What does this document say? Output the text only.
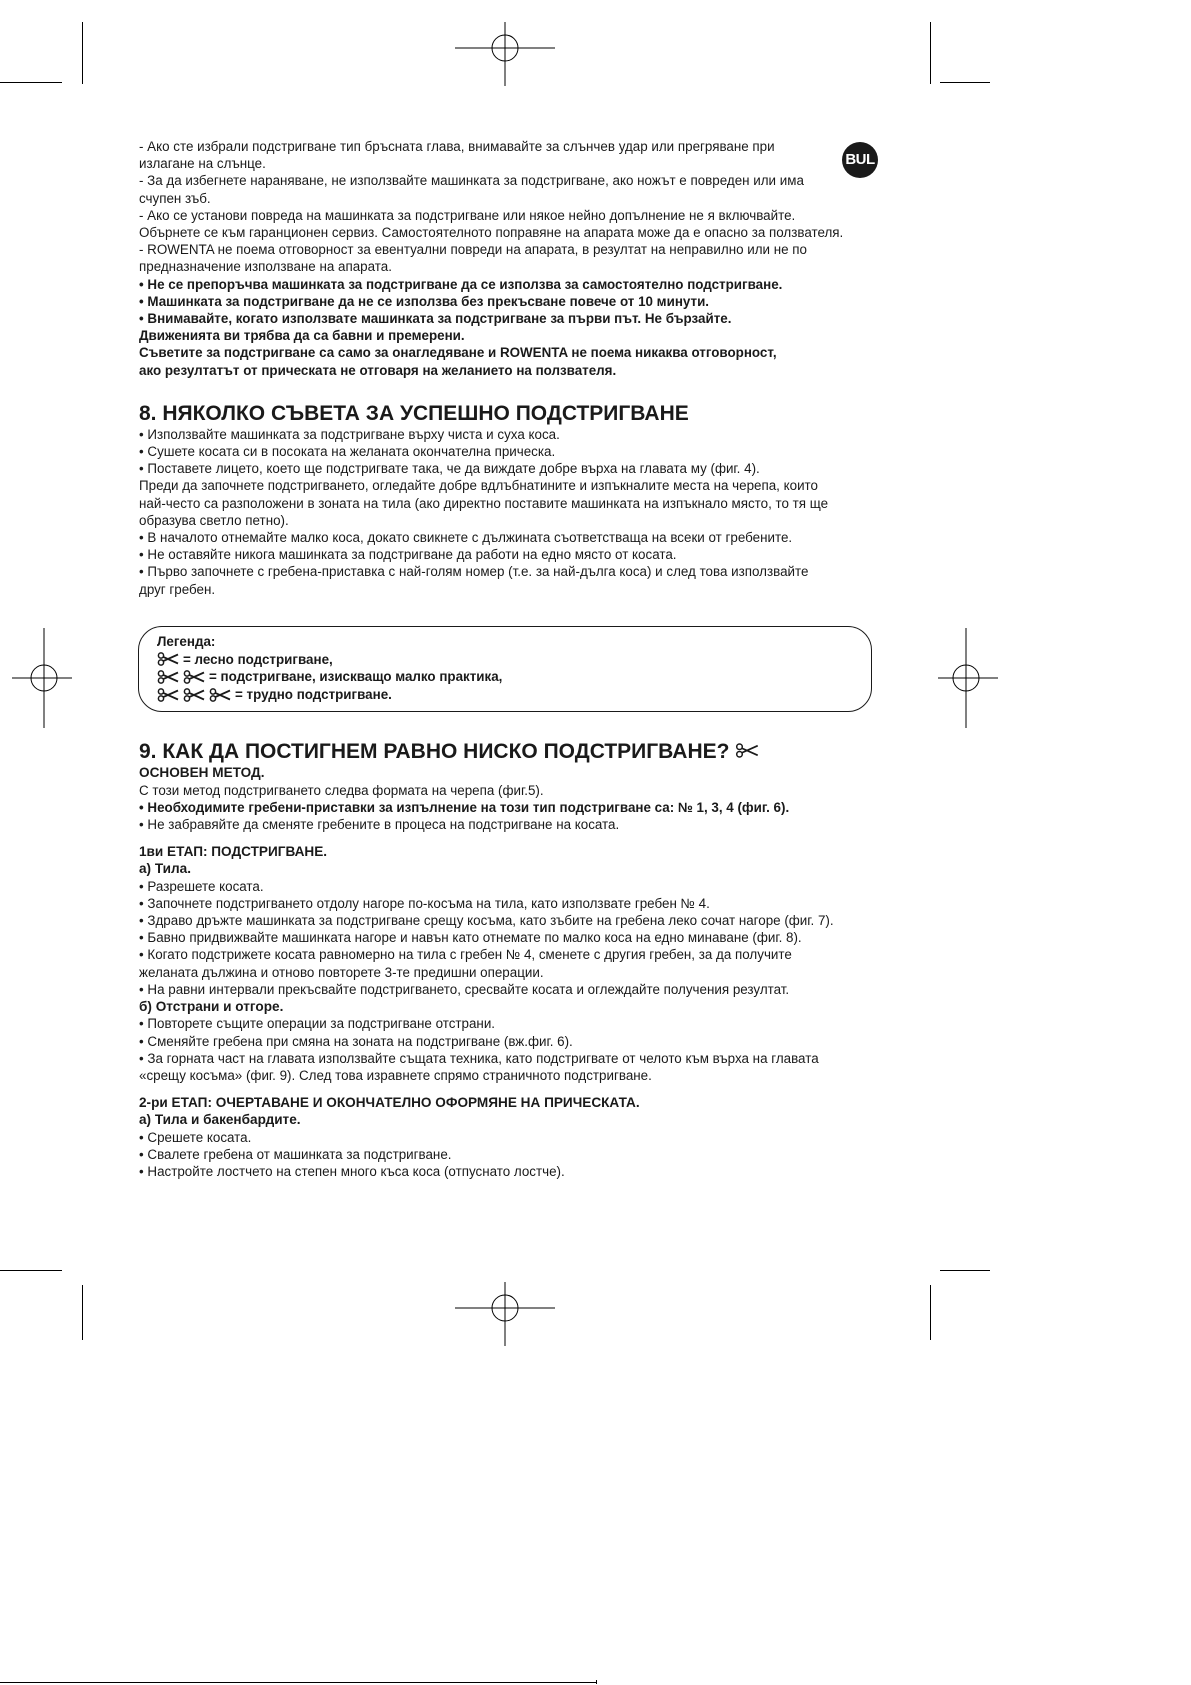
BUL

- Ако сте избрали подстригване тип бръсната глава, внимавайте за слънчев удар или прегряване при

излагане на слънце.

- За да избегнете нараняване, не използвайте машинката за подстригване, ако ножът е повреден или има

счупен зъб.

- Ако се установи повреда на машинката за подстригване или някое нейно допълнение не я включвайте.

Обърнете се към гаранционен сервиз. Самостоятелното поправяне на апарата може да е опасно за ползвателя.

- ROWENTA не поема отговорност за евентуални повреди на апарата, в резултат на неправилно или не по

предназначение използване на апарата.

• Не се препоръчва машинката за подстригване да се използва за самостоятелно подстригване.

• Машинката за подстригване да не се използва без прекъсване повече от 10 минути.

• Внимавайте, когато използвате машинката за подстригване за първи път. Не бързайте.

Движенията ви трябва да са бавни и премерени.

Съветите за подстригване са само за онагледяване и ROWENTA не поема никаква отговорност,

ако резултатът от прическата не отговаря на желанието на ползвателя.

8. НЯКОЛКО СЪВЕТА ЗА УСПЕШНО ПОДСТРИГВАНЕ

• Използвайте машинката за подстригване върху чиста и суха коса.

• Сушете косата си в посоката на желаната окончателна прическа.

• Поставете лицето, което ще подстригвате така, че да виждате добре върха на главата му (фиг. 4).

Преди да започнете подстригването, огледайте добре вдлъбнатините и изпъкналите места на черепа, които

най-често са разположени в зоната на тила (ако директно поставите машинката на изпъкнало място, то тя ще

образува светло петно).

• В началото отнемайте малко коса, докато свикнете с дължината съответстваща на всеки от гребените.

• Не оставяйте никога машинката за подстригване да работи на едно място от косата.

• Първо започнете с гребена-приставка с най-голям номер (т.е. за най-дълга коса) и след това използвайте

друг гребен.

Легенда:
= лесно подстригване,
= подстригване, изискващо малко практика,
= трудно подстригване.
9. КАК ДА ПОСТИГНЕМ РАВНО НИСКО ПОДСТРИГВАНЕ?

ОСНОВЕН МЕТОД.

С този метод подстригването следва формата на черепа (фиг.5).

• Необходимите гребени-приставки за изпълнение на този тип подстригване са: № 1, 3, 4 (фиг. 6).

• Не забравяйте да сменяте гребените в процеса на подстригване на косата.

1ви ЕТАП: ПОДСТРИГВАНЕ.

а) Тила.

• Разрешете косата.

• Започнете подстригването отдолу нагоре по-косъма на тила, като използвате гребен № 4.

• Здраво дръжте машинката за подстригване срещу косъма, като зъбите на гребена леко сочат нагоре (фиг. 7).

• Бавно придвижвайте машинката нагоре и навън като отнемате по малко коса на едно минаване (фиг. 8).

• Когато подстрижете косата равномерно на тила с гребен № 4, сменете с другия гребен, за да получите

желаната дължина и отново повторете 3-те предишни операции.

• На равни интервали прекъсвайте подстригването, сресвайте косата и оглеждайте получения резултат.

б) Отстрани и отгоре.

• Повторете същите операции за подстригване отстрани.

• Сменяйте гребена при смяна на зоната на подстригване (вж.фиг. 6).

• За горната част на главата използвайте същата техника, като подстригвате от челото към върха на главата

«срещу косъма» (фиг. 9). След това изравнете спрямо страничното подстригване.

2-ри ЕТАП: ОЧЕРТАВАНЕ И ОКОНЧАТЕЛНО ОФОРМЯНЕ НА ПРИЧЕСКАТА.

а) Тила и бакенбардите.

• Срешете косата.

• Свалете гребена от машинката за подстригване.

• Настройте лостчето на степен много къса коса (отпуснато лостче).
